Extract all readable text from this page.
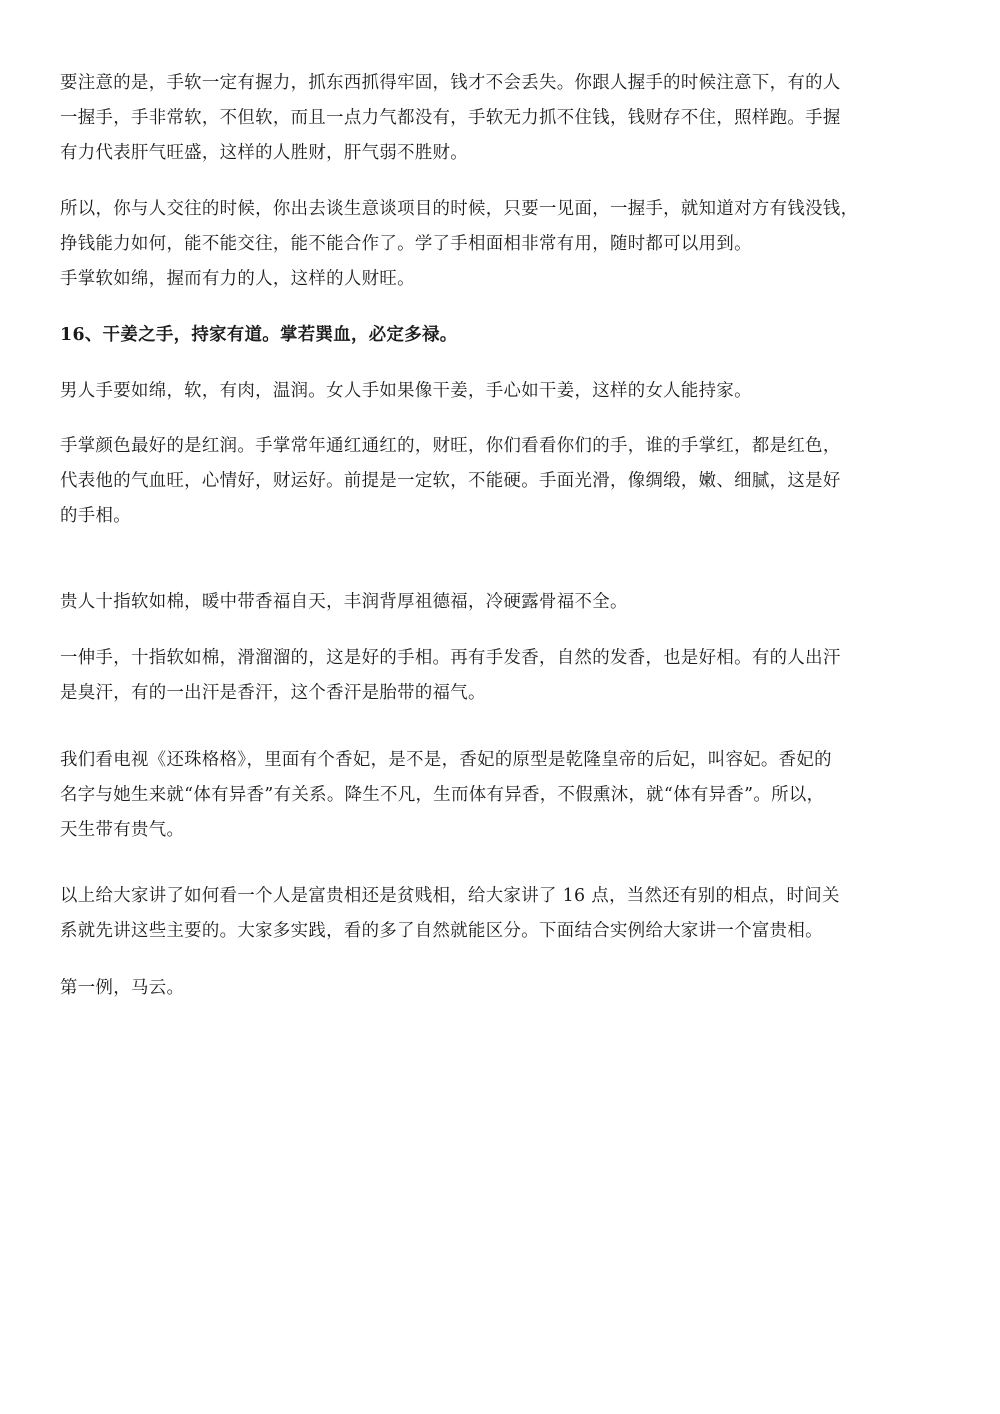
要注意的是，手软一定有握力，抓东西抓得牢固，钱才不会丢失。你跟人握手的时候注意下，有的人
一握手，手非常软，不但软，而且一点力气都没有，手软无力抓不住钱，钱财存不住，照样跑。手握
有力代表肝气旺盛，这样的人胜财，肝气弱不胜财。
所以，你与人交往的时候，你出去谈生意谈项目的时候，只要一见面，一握手，就知道对方有钱没钱，
挣钱能力如何，能不能交往，能不能合作了。学了手相面相非常有用，随时都可以用到。
手掌软如绵，握而有力的人，这样的人财旺。
16、干姜之手，持家有道。掌若巽血，必定多禄。
男人手要如绵，软，有肉，温润。女人手如果像干姜，手心如干姜，这样的女人能持家。
手掌颜色最好的是红润。手掌常年通红通红的，财旺，你们看看你们的手，谁的手掌红，都是红色，
代表他的气血旺，心情好，财运好。前提是一定软，不能硬。手面光滑，像绸缎，嫩、细腻，这是好
的手相。
贵人十指软如棉，暖中带香福自天，丰润背厚祖德福，冷硬露骨福不全。
一伸手，十指软如棉，滑溜溜的，这是好的手相。再有手发香，自然的发香，也是好相。有的人出汗
是臭汗，有的一出汗是香汗，这个香汗是胎带的福气。
我们看电视《还珠格格》，里面有个香妃，是不是，香妃的原型是乾隆皇帝的后妃，叫容妃。香妃的
名字与她生来就“体有异香”有关系。降生不凡，生而体有异香，不假熏沐，就“体有异香”。所以，
天生带有贵气。
以上给大家讲了如何看一个人是富贵相还是贫贱相，给大家讲了 16 点，当然还有别的相点，时间关
系就先讲这些主要的。大家多实践，看的多了自然就能区分。下面结合实例给大家讲一个富贵相。
第一例，马云。
